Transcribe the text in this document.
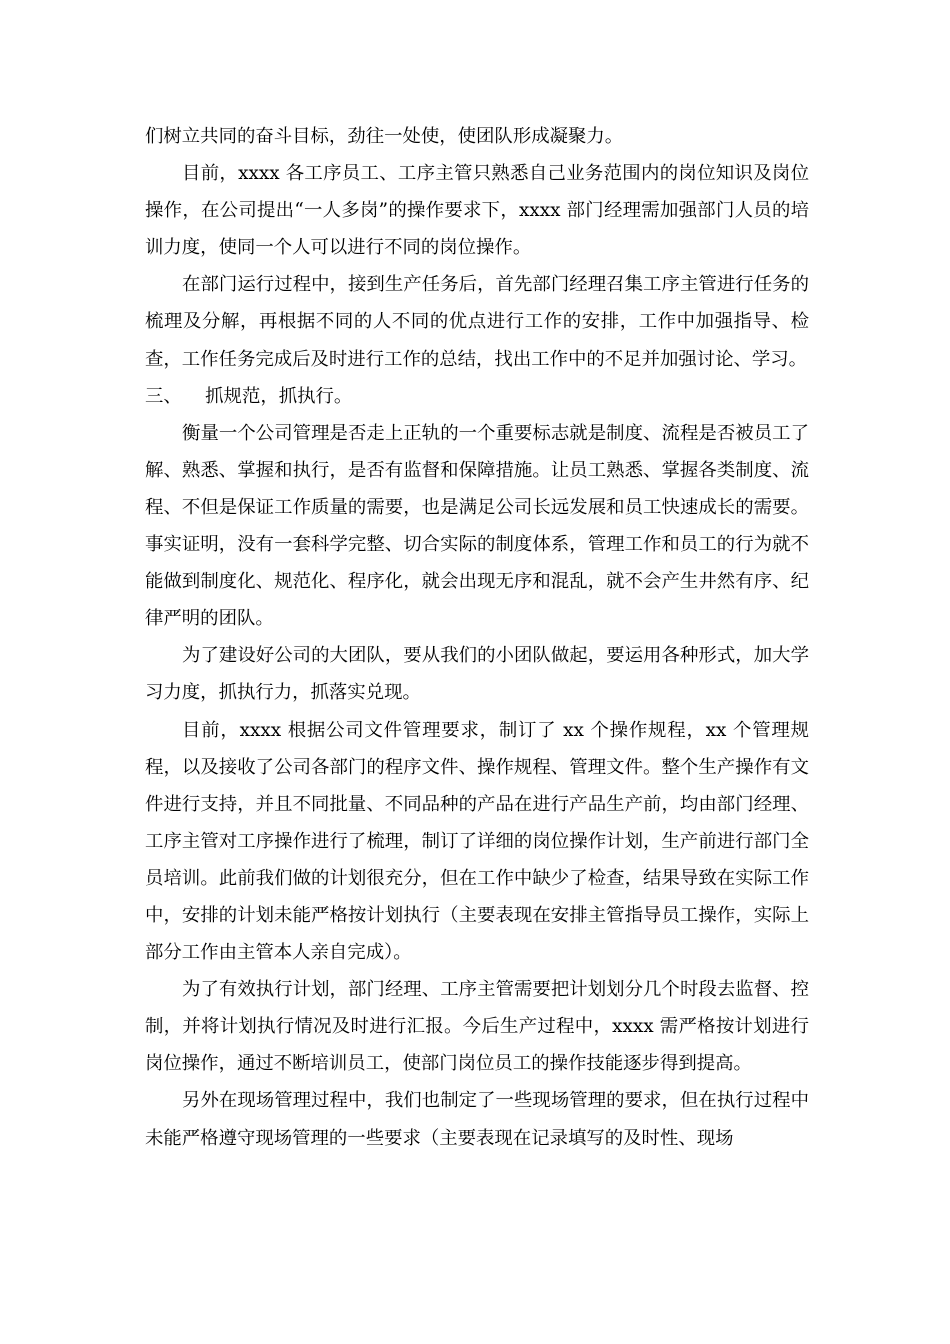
们树立共同的奋斗目标，劲往一处使，使团队形成凝聚力。

目前，xxxx 各工序员工、工序主管只熟悉自己业务范围内的岗位知识及岗位操作，在公司提出“一人多岗”的操作要求下，xxxx 部门经理需加强部门人员的培训力度，使同一个人可以进行不同的岗位操作。

在部门运行过程中，接到生产任务后，首先部门经理召集工序主管进行任务的梳理及分解，再根据不同的人不同的优点进行工作的安排，工作中加强指导、检查，工作任务完成后及时进行工作的总结，找出工作中的不足并加强讨论、学习。

三、    抓规范，抓执行。

衡量一个公司管理是否走上正轨的一个重要标志就是制度、流程是否被员工了解、熟悉、掌握和执行，是否有监督和保障措施。让员工熟悉、掌握各类制度、流程、不但是保证工作质量的需要，也是满足公司长远发展和员工快速成长的需要。事实证明，没有一套科学完整、切合实际的制度体系，管理工作和员工的行为就不能做到制度化、规范化、程序化，就会出现无序和混乱，就不会产生井然有序、纪律严明的团队。

为了建设好公司的大团队，要从我们的小团队做起，要运用各种形式，加大学习力度，抓执行力，抓落实兑现。

目前，xxxx 根据公司文件管理要求，制订了 xx 个操作规程，xx 个管理规程，以及接收了公司各部门的程序文件、操作规程、管理文件。整个生产操作有文件进行支持，并且不同批量、不同品种的产品在进行产品生产前，均由部门经理、工序主管对工序操作进行了梳理，制订了详细的岗位操作计划，生产前进行部门全员培训。此前我们做的计划很充分，但在工作中缺少了检查，结果导致在实际工作中，安排的计划未能严格按计划执行（主要表现在安排主管指导员工操作，实际上部分工作由主管本人亲自完成）。

为了有效执行计划，部门经理、工序主管需要把计划划分几个时段去监督、控制，并将计划执行情况及时进行汇报。今后生产过程中，xxxx 需严格按计划进行岗位操作，通过不断培训员工，使部门岗位员工的操作技能逐步得到提高。

另外在现场管理过程中，我们也制定了一些现场管理的要求，但在执行过程中未能严格遵守现场管理的一些要求（主要表现在记录填写的及时性、现场
